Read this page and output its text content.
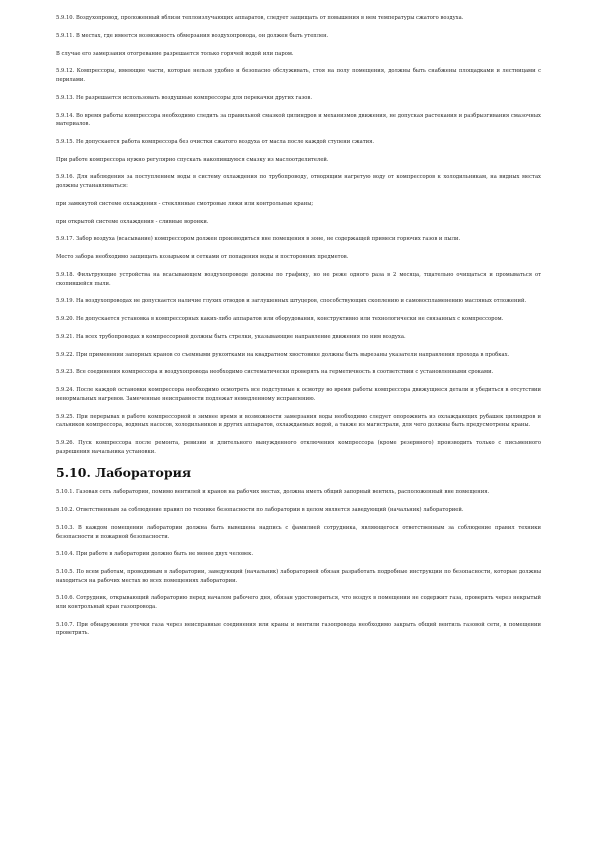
5.9.10. Воздухопровод, проложенный вблизи теплоизлучающих аппаратов, следует защищать от повышения в нем температуры сжатого воздуха.

5.9.11. В местах, где имеется возможность обмерзания воздухопровода, он должен быть утеплен.

В случае его замерзания отогревание разрешается только горячей водой или паром.

5.9.12. Компрессоры, имеющие части, которые нельзя удобно и безопасно обслуживать, стоя на полу помещения, должны быть снабжены площадками и лестницами с перилами.

5.9.13. Не разрешается использовать воздушные компрессоры для перекачки других газов.

5.9.14. Во время работы компрессора необходимо следить за правильной смазкой цилиндров и механизмов движения, не допуская растекания и разбрызгивания смазочных материалов.

5.9.15. Не допускается работа компрессора без очистки сжатого воздуха от масла после каждой ступени сжатия.

При работе компрессора нужно регулярно спускать накопившуюся смазку из маслоотделителей.

5.9.16. Для наблюдения за поступлением воды в систему охлаждения по трубопроводу, отводящим нагретую воду от компрессоров к холодильникам, на видных местах должны устанавливаться:

при замкнутой системе охлаждения - стеклянные смотровые люки или контрольные краны;

при открытой системе охлаждения - сливные воронки.

5.9.17. Забор воздуха (всасывание) компрессором должен производиться вне помещения в зоне, не содержащей примеси горючих газов и пыли.

Место забора необходимо защищать козырьком и сетками от попадения воды и посторонних предметов.

5.9.18. Фильтрующие устройства на всасывающем воздухопроводе должны по графику, но не реже одного раза в 2 месяца, тщательно очищаться и промываться от скопившейся пыли.

5.9.19. На воздухопроводах не допускается наличие глухих отводов и заглушенных штуцеров, способствующих скоплению и самовоспламенению масляных отложений.

5.9.20. Не допускается установка в компрессорных каких-либо аппаратов или оборудования, конструктивно или технологически не связанных с компрессором.

5.9.21. На всех трубопроводах в компрессорной должны быть стрелки, указывающие направление движения по ним воздуха.

5.9.22. При применении запорных кранов со съемными рукоятками на квадратном хвостовике должны быть вырезаны указатели направления прохода в пробках.

5.9.23. Все соединения компрессора и воздухопровода необходимо систематически проверять на герметичность в соответствии с установленными сроками.

5.9.24. После каждой остановки компрессора необходимо осмотреть все подступные к осмотру во время работы компрессора движущиеся детали и убедиться в отсутствии ненормальных нагревов. Замеченные неисправности подлежат немедленному исправлению.

5.9.25. При перерывах в работе компрессорной в зимнее время и возможности замерзания воды необходимо следует опорожнить из охлаждающих рубашек цилиндров и сальников компрессора, водяных насосов, холодильников и других аппаратов, охлаждаемых водой, а также из магистрали, для чего должны быть предусмотрены краны.

5.9.26. Пуск компрессора после ремонта, ревизии и длительного вынужденного отключения компрессора (кроме резервного) производить только с письменного разрешения начальника установки.

5.10. Лаборатория

5.10.1. Газовая сеть лаборатории, помимо вентилей и кранов на рабочих местах, должна иметь общий запорный вентиль, расположенный вне помещения.

5.10.2. Ответственным за соблюдение правил по технике безопасности по лаборатории в целом является заведующий (начальник) лабораторией.

5.10.3. В каждом помещении лаборатории должна быть вывешена надпись с фамилией сотрудника, являющегося ответственным за соблюдение правил техники безопасности и пожарной безопасности.

5.10.4. При работе в лаборатории должно быть не менее двух человек.

5.10.5. По всем работам, проводимым в лаборатории, заведующий (начальник) лабораторией обязан разработать подробные инструкции по безопасности, которые должны находиться на рабочих местах во всех помещениях лаборатории.

5.10.6. Сотрудник, открывающий лабораторию перед началом рабочего дня, обязан удостовериться, что воздух в помещении не содержит газа, проверить через некрытый или контрольный кран газопровода.

5.10.7. При обнаружении утечки газа через неисправные соединения или краны и вентили газопровода необходимо закрыть общий вентиль газовой сети, в помещении проветрить.
